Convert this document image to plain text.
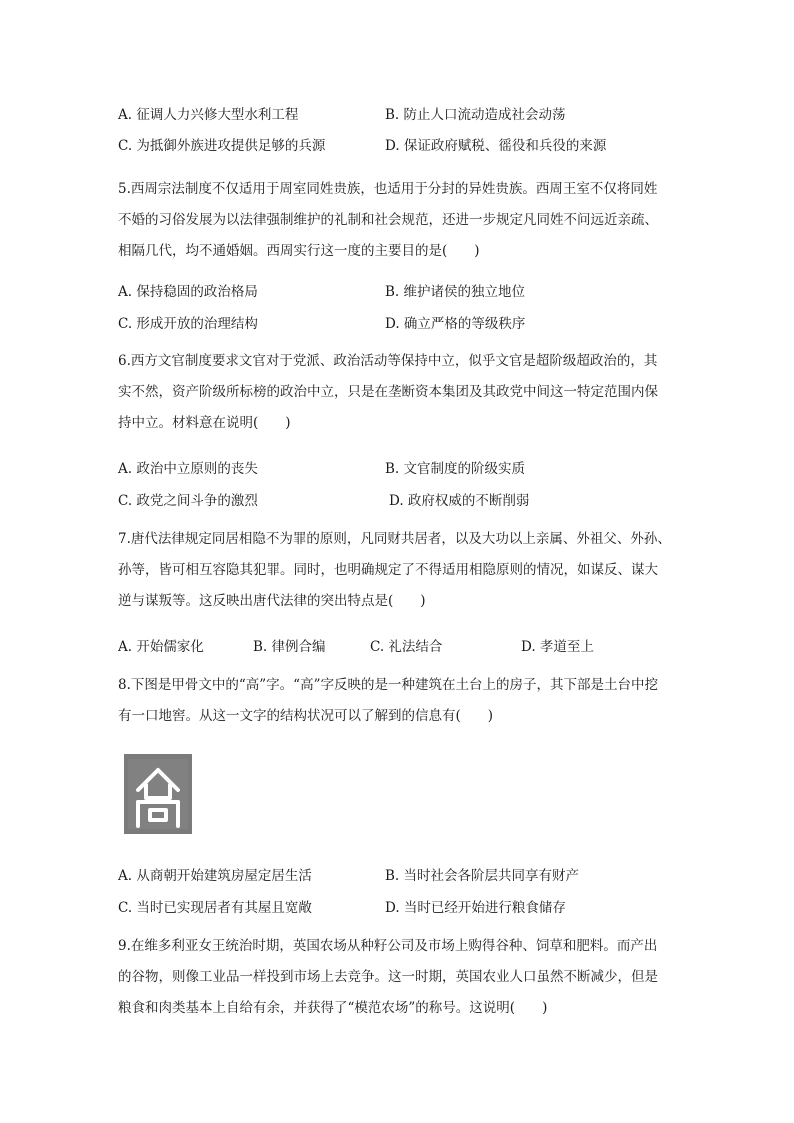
A. 征调人力兴修大型水利工程	B. 防止人口流动造成社会动荡
C. 为抵御外族进攻提供足够的兵源	D. 保证政府赋税、徭役和兵役的来源
5.西周宗法制度不仅适用于周室同姓贵族，也适用于分封的异姓贵族。西周王室不仅将同姓
不婚的习俗发展为以法律强制维护的礼制和社会规范，还进一步规定凡同姓不问远近亲疏、
相隔几代，均不通婚姻。西周实行这一度的主要目的是(　　)
A. 保持稳固的政治格局	B. 维护诸侯的独立地位
C. 形成开放的治理结构	D. 确立严格的等级秩序
6.西方文官制度要求文官对于党派、政治活动等保持中立，似乎文官是超阶级超政治的，其
实不然，资产阶级所标榜的政治中立，只是在垄断资本集团及其政党中间这一特定范围内保
持中立。材料意在说明(　　)
A. 政治中立原则的丧失	B. 文官制度的阶级实质
C. 政党之间斗争的激烈	D. 政府权威的不断削弱
7.唐代法律规定同居相隐不为罪的原则，凡同财共居者，以及大功以上亲属、外祖父、外孙、
孙等，皆可相互容隐其犯罪。同时，也明确规定了不得适用相隐原则的情况，如谋反、谋大
逆与谋叛等。这反映出唐代法律的突出特点是(　　)
A. 开始儒家化	B. 律例合编	C. 礼法结合	D. 孝道至上
8.下图是甲骨文中的“高”字。“高”字反映的是一种建筑在土台上的房子，其下部是土台中挖
有一口地窖。从这一文字的结构状况可以了解到的信息有(　　)
A. 从商朝开始建筑房屋定居生活	B. 当时社会各阶层共同享有财产
C. 当时已实现居者有其屋且宽敞	D. 当时已经开始进行粮食储存
9.在维多利亚女王统治时期，英国农场从种籽公司及市场上购得谷种、饲草和肥料。而产出
的谷物，则像工业品一样投到市场上去竞争。这一时期，英国农业人口虽然不断减少，但是
粮食和肉类基本上自给有余，并获得了“模范农场”的称号。这说明(　　)
